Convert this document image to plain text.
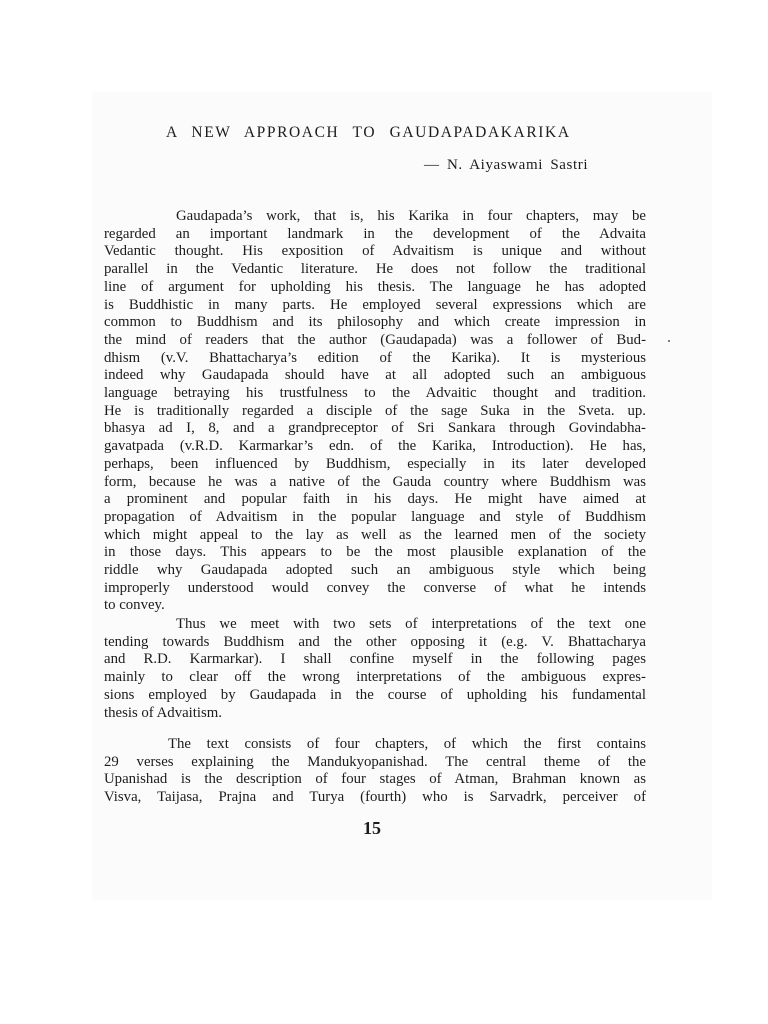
A NEW APPROACH TO GAUDAPADAKARIKA
— N. Aiyaswami Sastri
Gaudapada’s work, that is, his Karika in four chapters, may be
regarded an important landmark in the development of the Advaita
Vedantic thought. His exposition of Advaitism is unique and without
parallel in the Vedantic literature. He does not follow the traditional
line of argument for upholding his thesis. The language he has adopted
is Buddhistic in many parts. He employed several expressions which are
common to Buddhism and its philosophy and which create impression in
the mind of readers that the author (Gaudapada) was a follower of Bud-
dhism (v.V. Bhattacharya’s edition of the Karika). It is mysterious
indeed why Gaudapada should have at all adopted such an ambiguous
language betraying his trustfulness to the Advaitic thought and tradition.
He is traditionally regarded a disciple of the sage Suka in the Sveta. up.
bhasya ad I, 8, and a grandpreceptor of Sri Sankara through Govindabha-
gavatpada (v.R.D. Karmarkar’s edn. of the Karika, Introduction). He has,
perhaps, been influenced by Buddhism, especially in its later developed
form, because he was a native of the Gauda country where Buddhism was
a prominent and popular faith in his days. He might have aimed at
propagation of Advaitism in the popular language and style of Buddhism
which might appeal to the lay as well as the learned men of the society
in those days. This appears to be the most plausible explanation of the
riddle why Gaudapada adopted such an ambiguous style which being
improperly understood would convey the converse of what he intends
to convey.
Thus we meet with two sets of interpretations of the text one
tending towards Buddhism and the other opposing it (e.g. V. Bhattacharya
and R.D. Karmarkar). I shall confine myself in the following pages
mainly to clear off the wrong interpretations of the ambiguous expres-
sions employed by Gaudapada in the course of upholding his fundamental
thesis of Advaitism.
The text consists of four chapters, of which the first contains
29 verses explaining the Mandukyopanishad. The central theme of the
Upanishad is the description of four stages of Atman, Brahman known as
Visva, Taijasa, Prajna and Turya (fourth) who is Sarvadrk, perceiver of
15
